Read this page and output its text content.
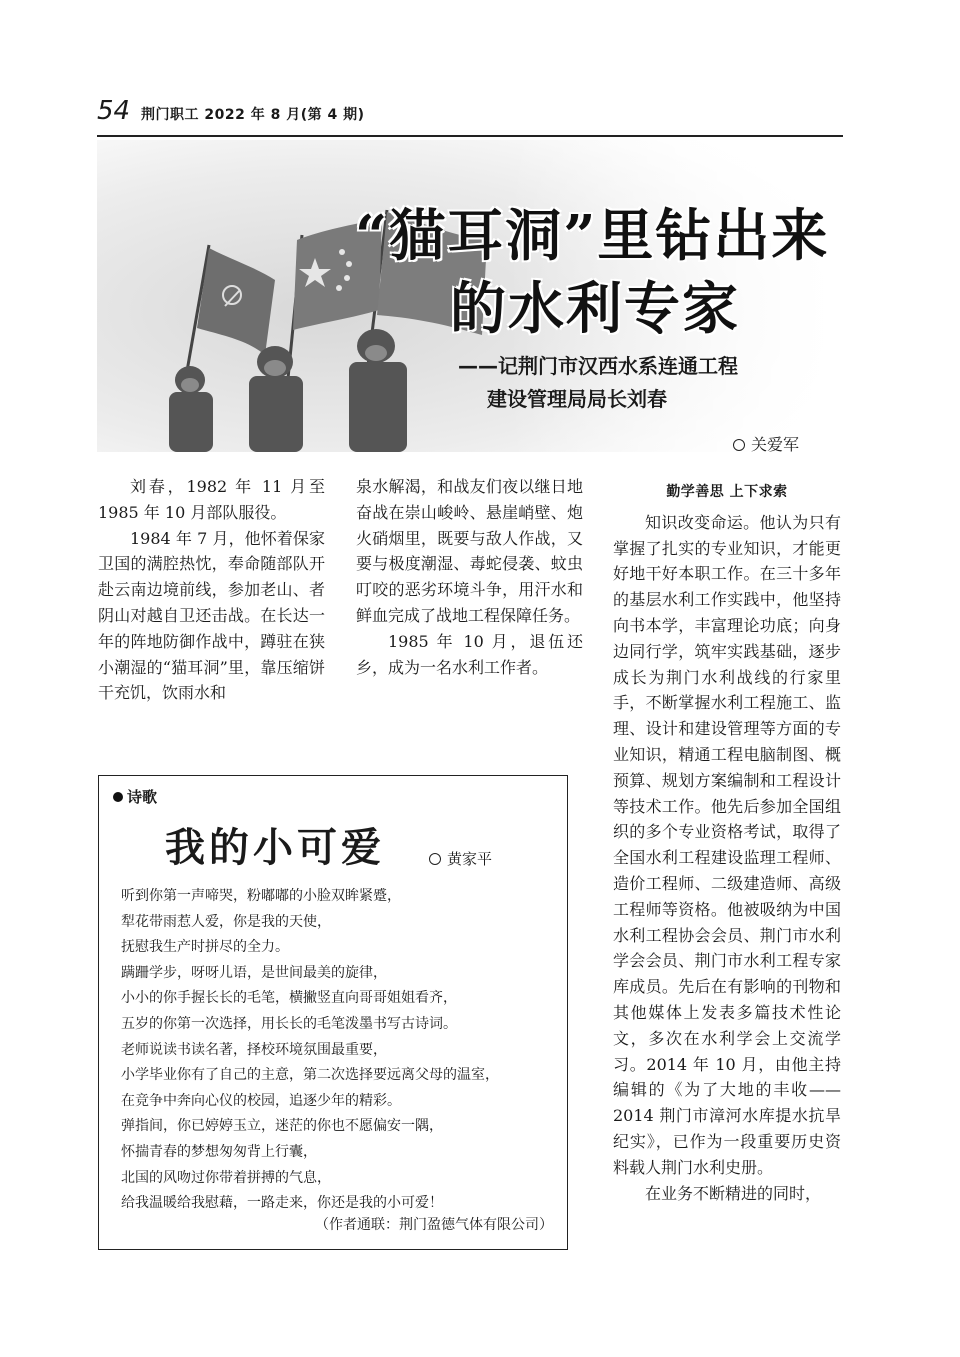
54 荆门职工 2022 年 8 月(第 4 期)
“猫耳洞”里钻出来
的水利专家
——记荆门市汉西水系连通工程
建设管理局局长刘春
关爱军

刘春，1982 年 11 月至 1985 年 10 月部队服役。

1984 年 7 月，他怀着保家卫国的满腔热忱，奉命随部队开赴云南边境前线，参加老山、者阴山对越自卫还击战。在长达一年的阵地防御作战中，蹲驻在狭小潮湿的“猫耳洞”里，靠压缩饼干充饥，饮雨水和

泉水解渴，和战友们夜以继日地奋战在崇山峻岭、悬崖峭壁、炮火硝烟里，既要与敌人作战，又要与极度潮湿、毒蛇侵袭、蚊虫叮咬的恶劣环境斗争，用汗水和鲜血完成了战地工程保障任务。

1985 年 10 月，退伍还乡，成为一名水利工作者。

勤学善思 上下求索

知识改变命运。他认为只有掌握了扎实的专业知识，才能更 好地干好本职工作。在三十多年的基层水利工作实践中，他坚持向书本学，丰富理论功底；向身边同行学，筑牢实践基础，逐步成长为荆门水利战线的行家里手，不断掌握水利工程施工、监理、设计和建设管理等方面的专业知识，精通工程电脑制图、概预算、规划方案编制和工程设计等技术工作。他先后参加全国组织的多个专业资格考试，取得了全国水利工程建设监理工程师、造价工程师、二级建造师、高级工程师等资格。他被吸纳为中国水利工程协会会员、荆门市水利学会会员、荆门市水利工程专家库成员。先后在有影响的刊物和其他媒体上发表多篇技术性论文，多次在水利学会上交流学习。2014 年 10 月，由他主持编辑的《为了大地的丰收——2014 荆门市漳河水库提水抗旱纪实》，已作为一段重要历史资料载人荆门水利史册。

在业务不断精进的同时，

诗歌
我的小可爱	黄家平
听到你第一声啼哭，粉嘟嘟的小脸双眸紧蹙，
犁花带雨惹人爱，你是我的天使，
抚慰我生产时拼尽的全力。
蹒跚学步，呀呀儿语，是世间最美的旋律，
小小的你手握长长的毛笔，横撇竖直向哥哥姐姐看齐，
五岁的你第一次选择，用长长的毛笔泼墨书写古诗词。
老师说读书读名著，择校环境氛围最重要，
小学毕业你有了自己的主意，第二次选择要远离父母的温室，
在竞争中奔向心仪的校园，追逐少年的精彩。
弹指间，你已婷婷玉立，迷茫的你也不愿偏安一隅，
怀揣青春的梦想匆匆背上行囊，
北国的风吻过你带着拼搏的气息，
给我温暖给我慰藉，一路走来，你还是我的小可爱！
（作者通联：荆门盈德气体有限公司）
